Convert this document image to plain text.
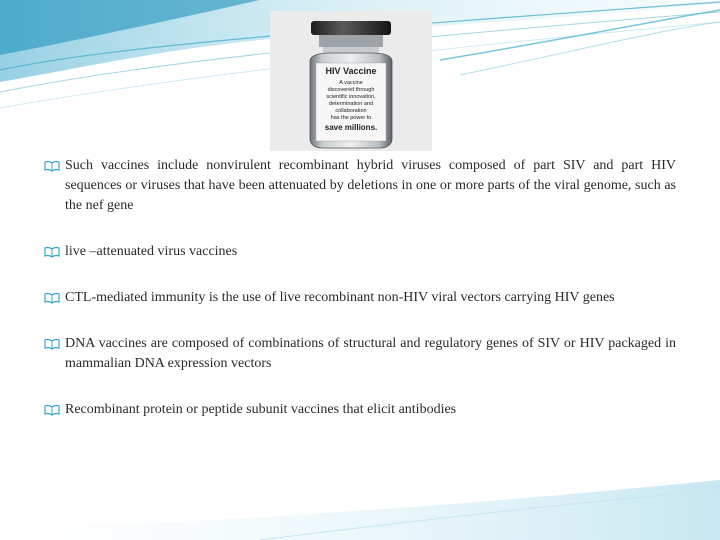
HIV Vaccine
A vaccine
discovered through
scientific innovation,
determination and
collaboration
has the power to
save millions.
Such vaccines include nonvirulent recombinant hybrid viruses composed of part SIV and part HIV sequences or viruses that have been attenuated by deletions in one or more parts of the viral genome, such as the nef gene
live –attenuated virus vaccines
CTL-mediated immunity is the use of live recombinant non-HIV viral vectors carrying HIV genes
DNA vaccines are composed of combinations of structural and regulatory genes of SIV or HIV packaged in mammalian DNA expression vectors
Recombinant protein or peptide subunit vaccines that elicit antibodies
